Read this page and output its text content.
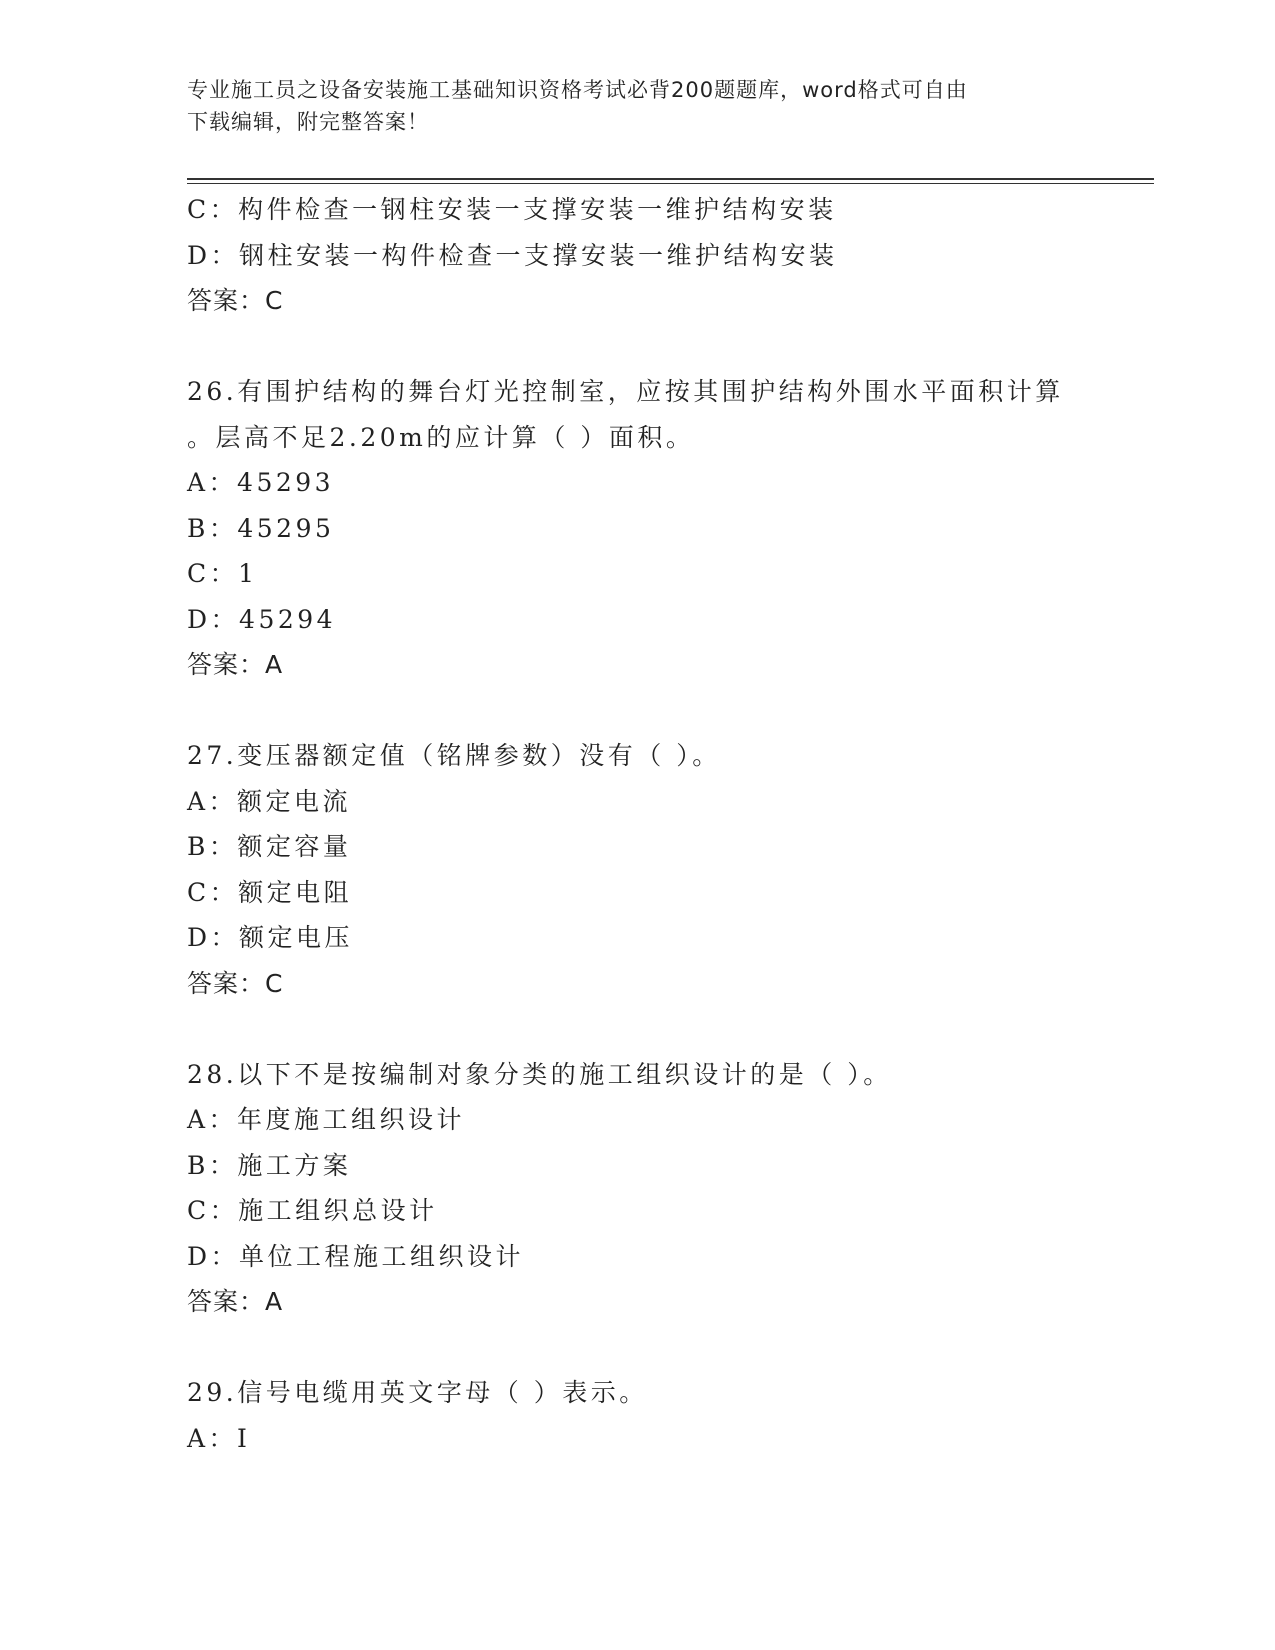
专业施工员之设备安装施工基础知识资格考试必背200题题库，word格式可自由
下载编辑，附完整答案！
C：构件检查一钢柱安装一支撑安装一维护结构安装
D：钢柱安装一构件检查一支撑安装一维护结构安装
答案：C
26.有围护结构的舞台灯光控制室，应按其围护结构外围水平面积计算
。层高不足2.20m的应计算（ ）面积。
A：45293
B：45295
C：1
D：45294
答案：A
27.变压器额定值（铭牌参数）没有（ ）。
A：额定电流
B：额定容量
C：额定电阻
D：额定电压
答案：C
28.以下不是按编制对象分类的施工组织设计的是（ ）。
A：年度施工组织设计
B：施工方案
C：施工组织总设计
D：单位工程施工组织设计
答案：A
29.信号电缆用英文字母（ ）表示。
A：I
